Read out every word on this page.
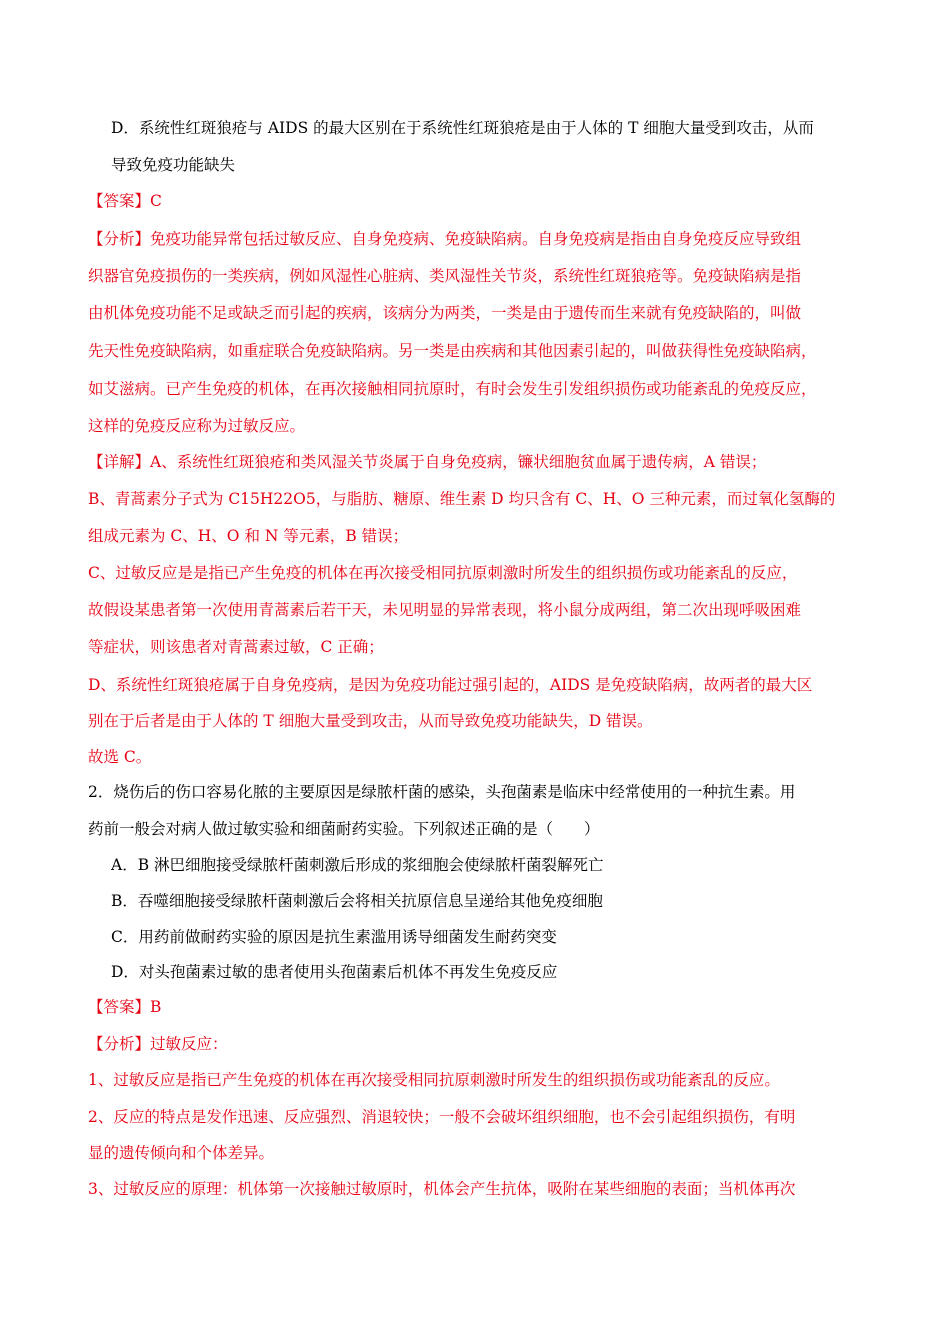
D．系统性红斑狼疮与 AIDS 的最大区别在于系统性红斑狼疮是由于人体的 T 细胞大量受到攻击，从而
导致免疫功能缺失
【答案】C
【分析】免疫功能异常包括过敏反应、自身免疫病、免疫缺陷病。自身免疫病是指由自身免疫反应导致组
织器官免疫损伤的一类疾病，例如风湿性心脏病、类风湿性关节炎，系统性红斑狼疮等。免疫缺陷病是指
由机体免疫功能不足或缺乏而引起的疾病，该病分为两类，一类是由于遗传而生来就有免疫缺陷的，叫做
先天性免疫缺陷病，如重症联合免疫缺陷病。另一类是由疾病和其他因素引起的，叫做获得性免疫缺陷病，
如艾滋病。已产生免疫的机体，在再次接触相同抗原时，有时会发生引发组织损伤或功能紊乱的免疫反应，
这样的免疫反应称为过敏反应。
【详解】A、系统性红斑狼疮和类风湿关节炎属于自身免疫病，镰状细胞贫血属于遗传病，A 错误；
B、青蒿素分子式为 C15H22O5，与脂肪、糖原、维生素 D 均只含有 C、H、O 三种元素，而过氧化氢酶的
组成元素为 C、H、O 和 N 等元素，B 错误；
C、过敏反应是是指已产生免疫的机体在再次接受相同抗原刺激时所发生的组织损伤或功能紊乱的反应，
故假设某患者第一次使用青蒿素后若干天，未见明显的异常表现，将小鼠分成两组，第二次出现呼吸困难
等症状，则该患者对青蒿素过敏，C 正确；
D、系统性红斑狼疮属于自身免疫病，是因为免疫功能过强引起的，AIDS 是免疫缺陷病，故两者的最大区
别在于后者是由于人体的 T 细胞大量受到攻击，从而导致免疫功能缺失，D 错误。
故选 C。
2．烧伤后的伤口容易化脓的主要原因是绿脓杆菌的感染，头孢菌素是临床中经常使用的一种抗生素。用
药前一般会对病人做过敏实验和细菌耐药实验。下列叙述正确的是（　　）
A．B 淋巴细胞接受绿脓杆菌刺激后形成的浆细胞会使绿脓杆菌裂解死亡
B．吞噬细胞接受绿脓杆菌刺激后会将相关抗原信息呈递给其他免疫细胞
C．用药前做耐药实验的原因是抗生素滥用诱导细菌发生耐药突变
D．对头孢菌素过敏的患者使用头孢菌素后机体不再发生免疫反应
【答案】B
【分析】过敏反应：
1、过敏反应是指已产生免疫的机体在再次接受相同抗原刺激时所发生的组织损伤或功能紊乱的反应。
2、反应的特点是发作迅速、反应强烈、消退较快；一般不会破坏组织细胞，也不会引起组织损伤，有明
显的遗传倾向和个体差异。
3、过敏反应的原理：机体第一次接触过敏原时，机体会产生抗体，吸附在某些细胞的表面；当机体再次
